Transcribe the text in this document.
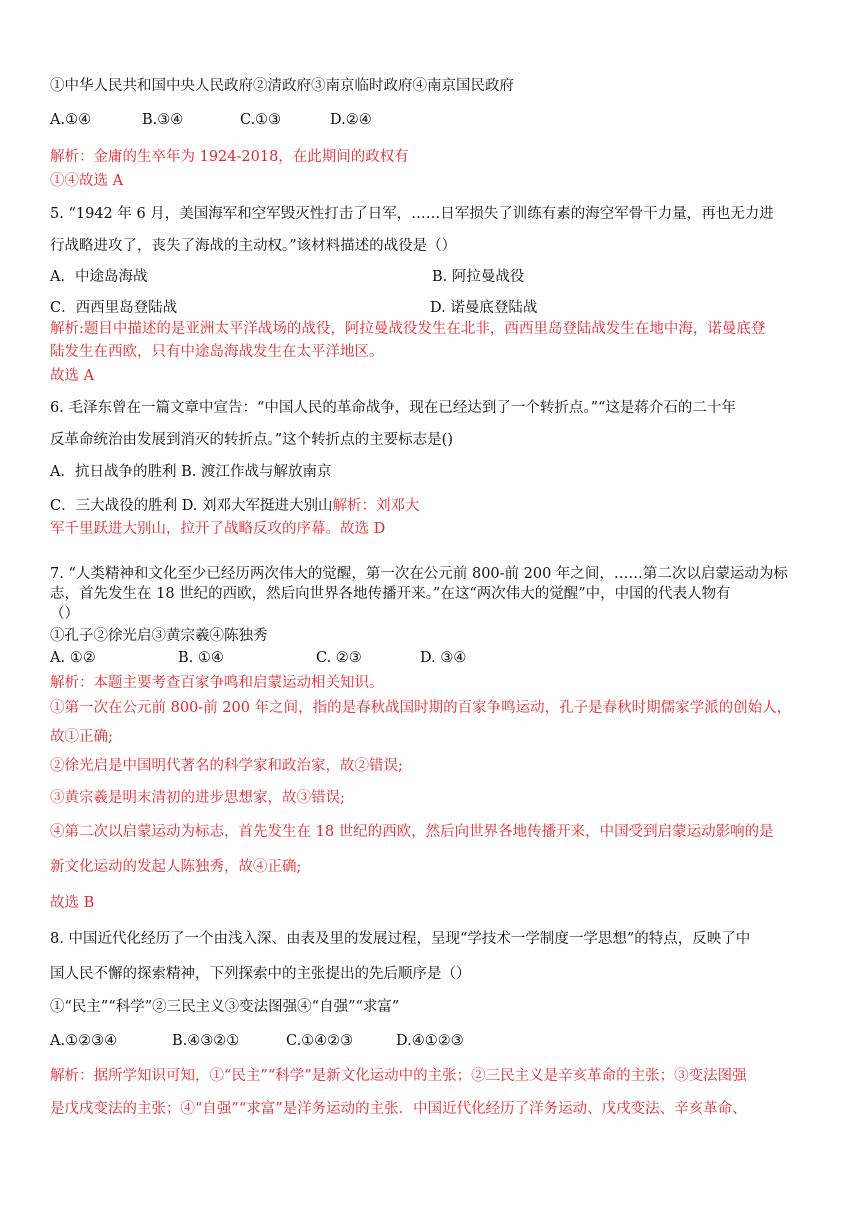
①中华人民共和国中央人民政府②清政府③南京临时政府④南京国民政府
A.①④	B.③④	C.①③	D.②④
解析：金庸的生卒年为 1924-2018，在此期间的政权有
①④故选 A
5. “1942 年 6 月，美国海军和空军毁灭性打击了日军，……日军损失了训练有素的海空军骨干力量，再也无力进
行战略进攻了，丧失了海战的主动权。”该材料描述的战役是（）
A．中途岛海战	B. 阿拉曼战役
C．西西里岛登陆战	D. 诺曼底登陆战
解析:题目中描述的是亚洲太平洋战场的战役，阿拉曼战役发生在北非，西西里岛登陆战发生在地中海，诺曼底登
陆发生在西欧，只有中途岛海战发生在太平洋地区。
故选 A
6. 毛泽东曾在一篇文章中宣告：“中国人民的革命战争，现在已经达到了一个转折点。”“这是蒋介石的二十年
反革命统治由发展到消灭的转折点。”这个转折点的主要标志是()
A．抗日战争的胜利 B. 渡江作战与解放南京
C．三大战役的胜利 D. 刘邓大军挺进大别山解析：刘邓大
军千里跃进大别山，拉开了战略反攻的序幕。故选 D
7. “人类精神和文化至少已经历两次伟大的觉醒，第一次在公元前 800-前 200 年之间，……第二次以启蒙运动为标
志，首先发生在 18 世纪的西欧，然后向世界各地传播开来。”在这“两次伟大的觉醒”中，中国的代表人物有
（）
①孔子②徐光启③黄宗羲④陈独秀
A. ①②	B. ①④	C. ②③	D. ③④
解析：本题主要考查百家争鸣和启蒙运动相关知识。
①第一次在公元前 800-前 200 年之间，指的是春秋战国时期的百家争鸣运动，孔子是春秋时期儒家学派的创始人，
故①正确;
②徐光启是中国明代著名的科学家和政治家，故②错误;
③黄宗羲是明末清初的进步思想家，故③错误;
④第二次以启蒙运动为标志，首先发生在 18 世纪的西欧，然后向世界各地传播开来，中国受到启蒙运动影响的是
新文化运动的发起人陈独秀，故④正确;
故选 B
8. 中国近代化经历了一个由浅入深、由表及里的发展过程，呈现“学技术一学制度一学思想”的特点，反映了中
国人民不懈的探索精神，下列探索中的主张提出的先后顺序是（）
①“民主”“科学”②三民主义③变法图强④“自强”“求富”
A.①②③④	B.④③②①	C.①④②③	D.④①②③
解析：据所学知识可知，①“民主”“科学”是新文化运动中的主张；②三民主义是辛亥革命的主张；③变法图强
是戊戌变法的主张；④“自强”“求富”是洋务运动的主张．中国近代化经历了洋务运动、戊戌变法、辛亥革命、
